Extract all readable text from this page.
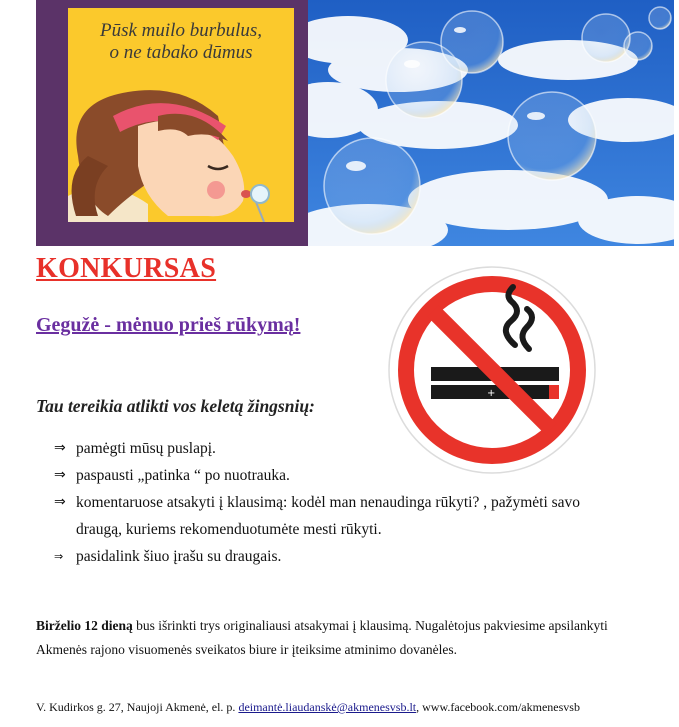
Pūsk muilo burbulus,
o ne tabako dūmus
KONKURSAS
Gegužė - mėnuo prieš rūkymą!
Tau tereikia atlikti vos keletą žingsnių:
+
⇒ pamėgti mūsų puslapį.
⇒ paspausti „patinka “ po nuotrauka.
⇒ komentaruose atsakyti į klausimą: kodėl man nenaudinga rūkyti? , pažymėti savo
draugą, kuriems rekomenduotumėte mesti rūkyti.
⇒ pasidalink šiuo įrašu su draugais.

Birželio 12 dieną bus išrinkti trys originaliausi atsakymai į klausimą. Nugalėtojus pakviesime apsilankyti Akmenės rajono visuomenės sveikatos biure ir įteiksime atminimo dovanėles.

V. Kudirkos g. 27, Naujoji Akmenė, el. p. deimantė.liaudanskė@akmenesvsb.lt, www.facebook.com/akmenesvsb
